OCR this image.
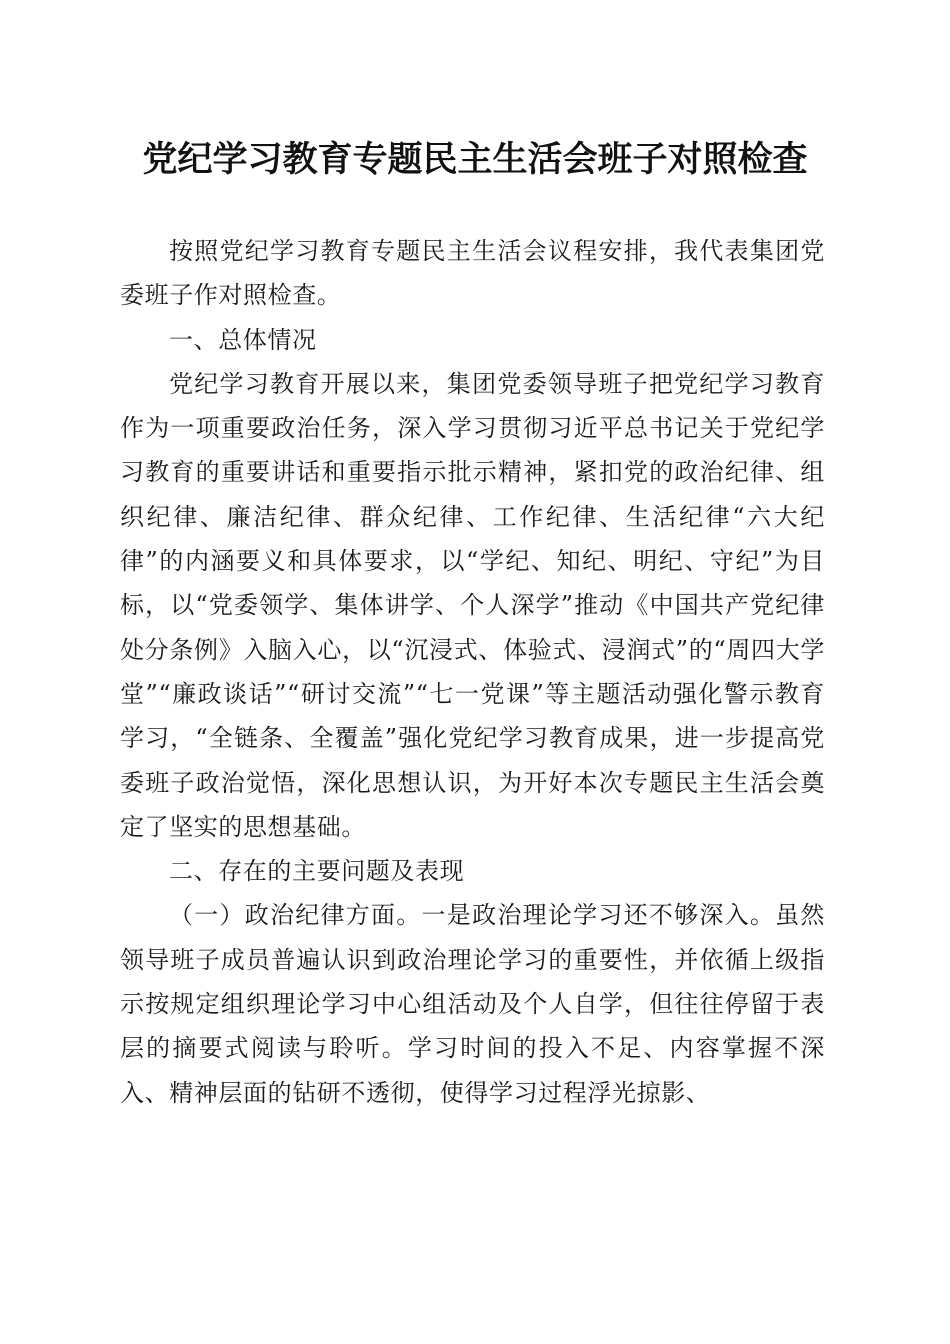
党纪学习教育专题民主生活会班子对照检查

按照党纪学习教育专题民主生活会议程安排，我代表集团党委班子作对照检查。

一、总体情况

党纪学习教育开展以来，集团党委领导班子把党纪学习教育作为一项重要政治任务，深入学习贯彻习近平总书记关于党纪学习教育的重要讲话和重要指示批示精神，紧扣党的政治纪律、组织纪律、廉洁纪律、群众纪律、工作纪律、生活纪律“六大纪律”的内涵要义和具体要求，以“学纪、知纪、明纪、守纪”为目标，以“党委领学、集体讲学、个人深学”推动《中国共产党纪律处分条例》入脑入心，以“沉浸式、体验式、浸润式”的“周四大学堂”“廉政谈话”“研讨交流”“七一党课”等主题活动强化警示教育学习，“全链条、全覆盖”强化党纪学习教育成果，进一步提高党委班子政治觉悟，深化思想认识，为开好本次专题民主生活会奠定了坚实的思想基础。

二、存在的主要问题及表现

（一）政治纪律方面。一是政治理论学习还不够深入。虽然领导班子成员普遍认识到政治理论学习的重要性，并依循上级指示按规定组织理论学习中心组活动及个人自学，但往往停留于表层的摘要式阅读与聆听。学习时间的投入不足、内容掌握不深入、精神层面的钻研不透彻，使得学习过程浮光掠影、
